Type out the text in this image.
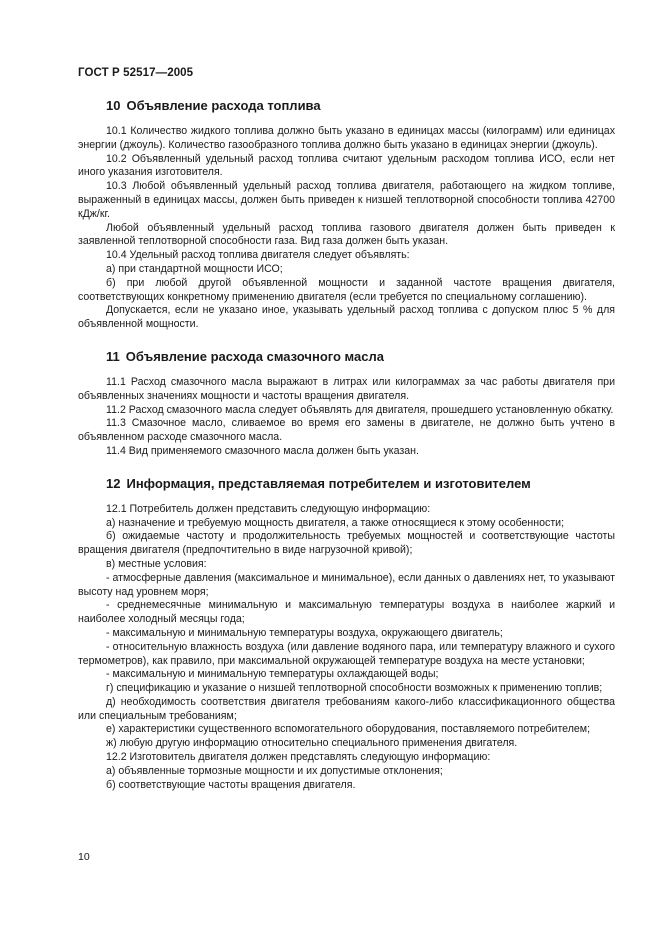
ГОСТ Р 52517—2005
10 Объявление расхода топлива

10.1 Количество жидкого топлива должно быть указано в единицах массы (килограмм) или единицах энергии (джоуль). Количество газообразного топлива должно быть указано в единицах энергии (джоуль).

10.2 Объявленный удельный расход топлива считают удельным расходом топлива ИСО, если нет иного указания изготовителя.

10.3 Любой объявленный удельный расход топлива двигателя, работающего на жидком топливе, выраженный в единицах массы, должен быть приведен к низшей теплотворной способности топлива 42700 кДж/кг.

Любой объявленный удельный расход топлива газового двигателя должен быть приведен к заявленной теплотворной способности газа. Вид газа должен быть указан.

10.4 Удельный расход топлива двигателя следует объявлять:

а) при стандартной мощности ИСО;

б) при любой другой объявленной мощности и заданной частоте вращения двигателя, соответствующих конкретному применению двигателя (если требуется по специальному соглашению).

Допускается, если не указано иное, указывать удельный расход топлива с допуском плюс 5 % для объявленной мощности.

11 Объявление расхода смазочного масла

11.1 Расход смазочного масла выражают в литрах или килограммах за час работы двигателя при объявленных значениях мощности и частоты вращения двигателя.

11.2 Расход смазочного масла следует объявлять для двигателя, прошедшего установленную обкатку.

11.3 Смазочное масло, сливаемое во время его замены в двигателе, не должно быть учтено в объявленном расходе смазочного масла.

11.4 Вид применяемого смазочного масла должен быть указан.

12 Информация, представляемая потребителем и изготовителем

12.1 Потребитель должен представить следующую информацию:

а) назначение и требуемую мощность двигателя, а также относящиеся к этому особенности;

б) ожидаемые частоту и продолжительность требуемых мощностей и соответствующие частоты вращения двигателя (предпочтительно в виде нагрузочной кривой);

в) местные условия:

- атмосферные давления (максимальное и минимальное), если данных о давлениях нет, то указывают высоту над уровнем моря;

- среднемесячные минимальную и максимальную температуры воздуха в наиболее жаркий и наиболее холодный месяцы года;

- максимальную и минимальную температуры воздуха, окружающего двигатель;

- относительную влажность воздуха (или давление водяного пара, или температуру влажного и сухого термометров), как правило, при максимальной окружающей температуре воздуха на месте установки;

- максимальную и минимальную температуры охлаждающей воды;

г) спецификацию и указание о низшей теплотворной способности возможных к применению топлив;

д) необходимость соответствия двигателя требованиям какого-либо классификационного общества или специальным требованиям;

е) характеристики существенного вспомогательного оборудования, поставляемого потребителем;

ж) любую другую информацию относительно специального применения двигателя.

12.2 Изготовитель двигателя должен представлять следующую информацию:

а) объявленные тормозные мощности и их допустимые отклонения;

б) соответствующие частоты вращения двигателя.

10
